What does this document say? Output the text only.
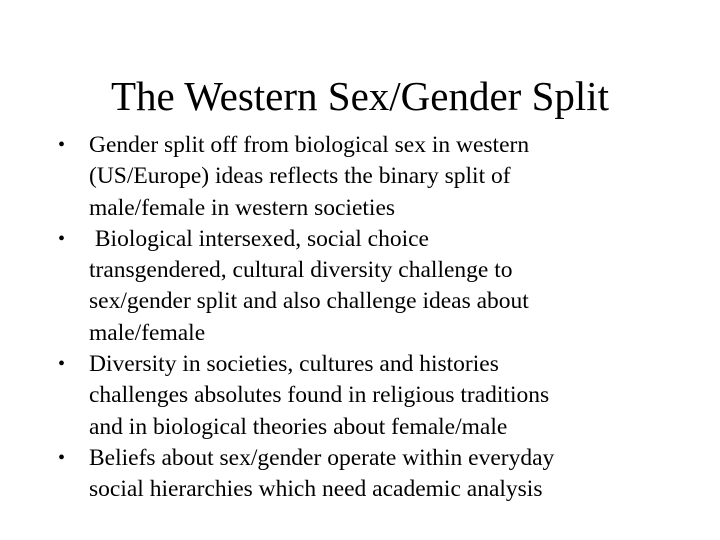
The Western Sex/Gender Split
•	Gender split off from biological sex in western
(US/Europe) ideas reflects the binary split of
male/female in western societies
•	Biological intersexed, social choice
transgendered, cultural diversity challenge to
sex/gender split and also challenge ideas about
male/female
•	Diversity in societies, cultures and histories
challenges absolutes found in religious traditions
and in biological theories about female/male
•	Beliefs about sex/gender operate within everyday
social hierarchies which need academic analysis
